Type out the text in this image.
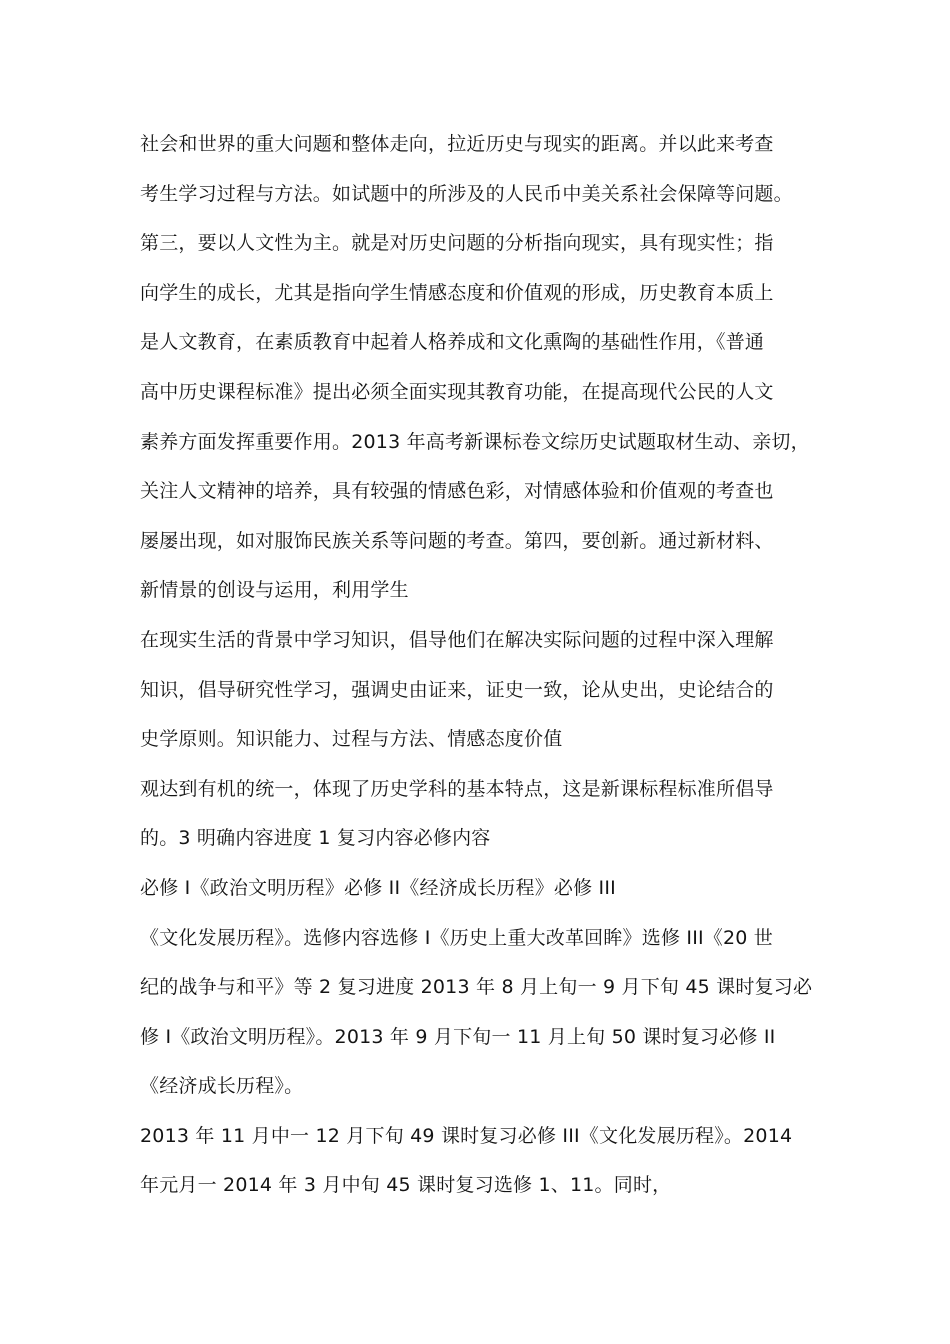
社会和世界的重大问题和整体走向，拉近历史与现实的距离。并以此来考查
考生学习过程与方法。如试题中的所涉及的人民币中美关系社会保障等问题。
第三，要以人文性为主。就是对历史问题的分析指向现实，具有现实性；指
向学生的成长，尤其是指向学生情感态度和价值观的形成，历史教育本质上
是人文教育，在素质教育中起着人格养成和文化熏陶的基础性作用，《普通
高中历史课程标准》提出必须全面实现其教育功能，在提高现代公民的人文
素养方面发挥重要作用。2013 年高考新课标卷文综历史试题取材生动、亲切，
关注人文精神的培养，具有较强的情感色彩，对情感体验和价值观的考查也
屡屡出现，如对服饰民族关系等问题的考查。第四，要创新。通过新材料、
新情景的创设与运用，利用学生
在现实生活的背景中学习知识，倡导他们在解决实际问题的过程中深入理解
知识，倡导研究性学习，强调史由证来，证史一致，论从史出，史论结合的
史学原则。知识能力、过程与方法、情感态度价值
观达到有机的统一，体现了历史学科的基本特点，这是新课标程标准所倡导
的。3 明确内容进度 1 复习内容必修内容
必修 I《政治文明历程》必修 II《经济成长历程》必修 III
《文化发展历程》。选修内容选修 I《历史上重大改革回眸》选修 III《20 世
纪的战争与和平》等 2 复习进度 2013 年 8 月上旬一 9 月下旬 45 课时复习必
修 I《政治文明历程》。2013 年 9 月下旬一 11 月上旬 50 课时复习必修 II
《经济成长历程》。
2013 年 11 月中一 12 月下旬 49 课时复习必修 III《文化发展历程》。2014
年元月一 2014 年 3 月中旬 45 课时复习选修 1、11。同时，
